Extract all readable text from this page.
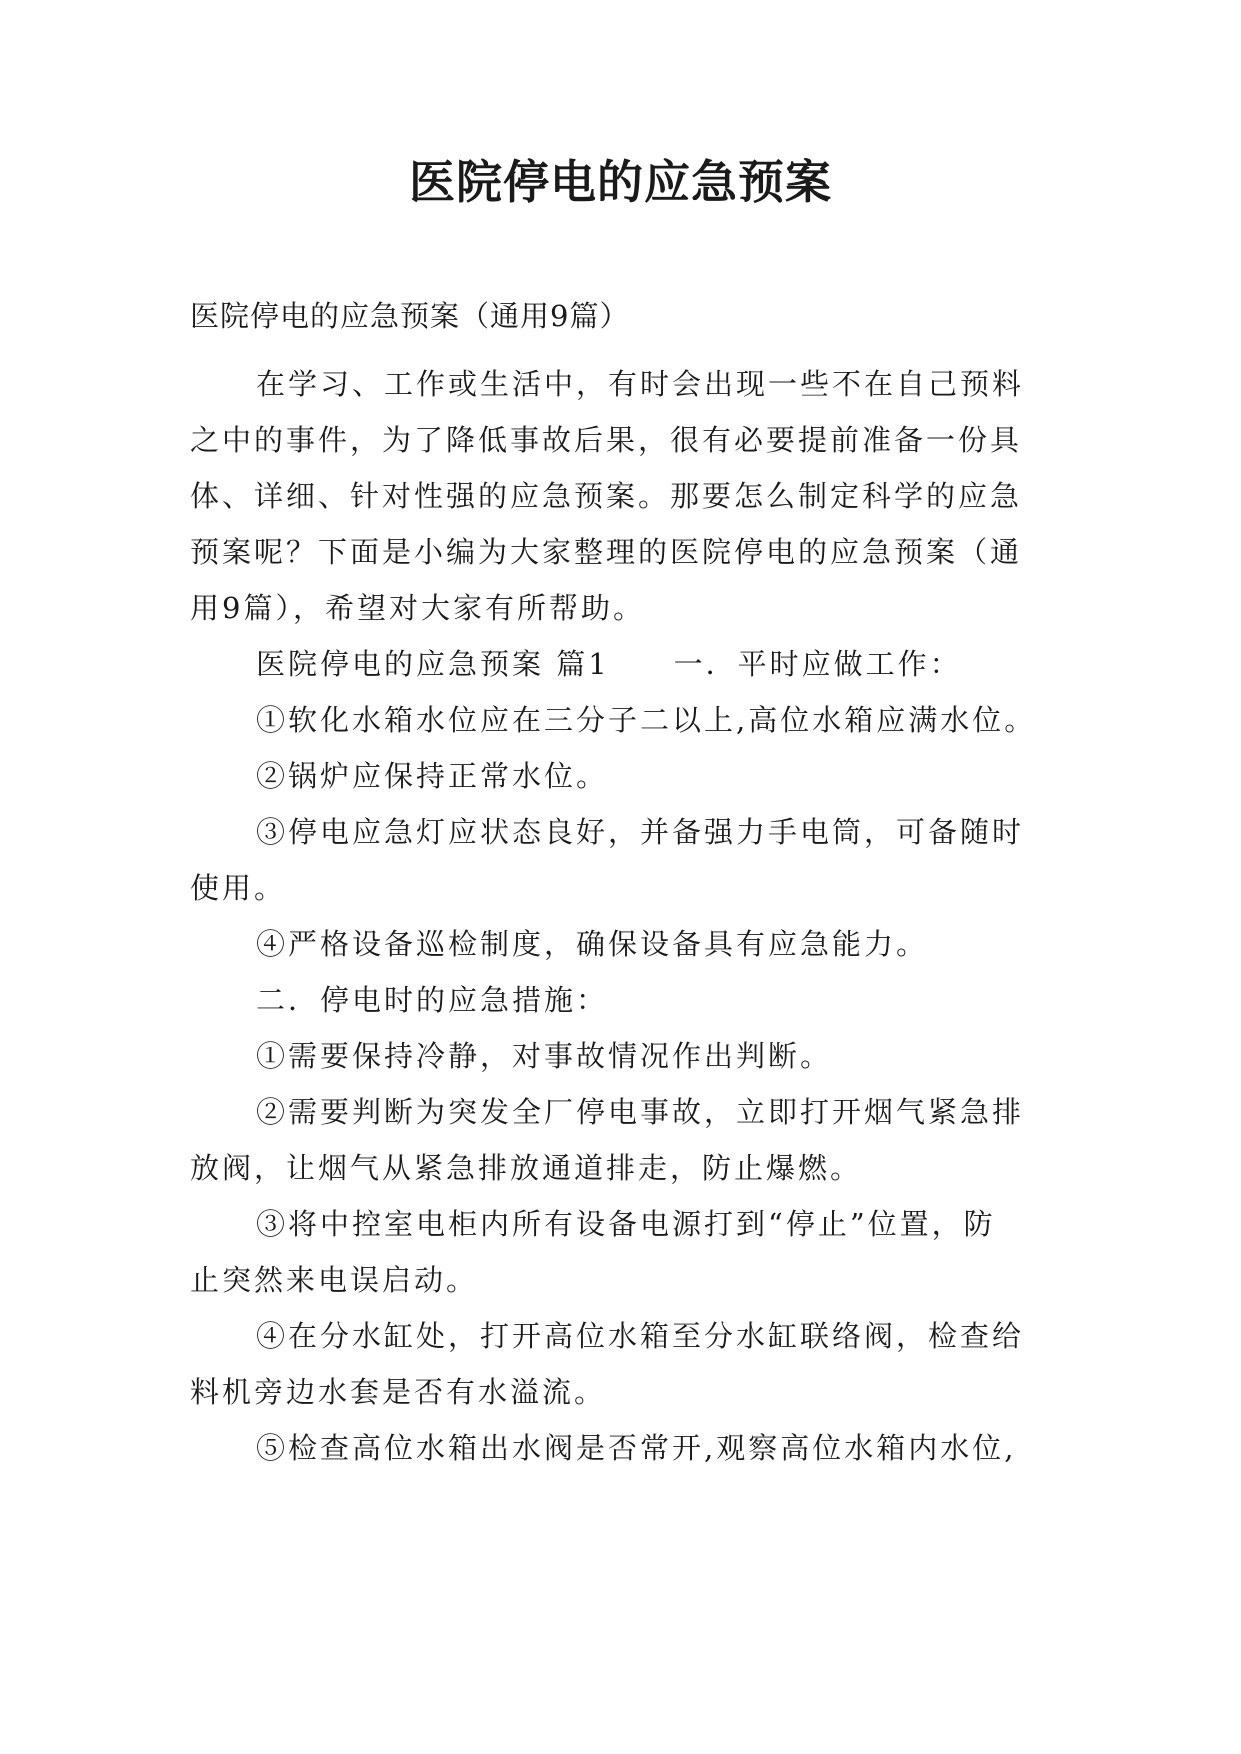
医院停电的应急预案
医院停电的应急预案（通用9篇）
在学习、工作或生活中，有时会出现一些不在自己预料
之中的事件，为了降低事故后果，很有必要提前准备一份具
体、详细、针对性强的应急预案。那要怎么制定科学的应急
预案呢？下面是小编为大家整理的医院停电的应急预案（通
用9篇），希望对大家有所帮助。
医院停电的应急预案 篇1 一．平时应做工作：
①软化水箱水位应在三分子二以上,高位水箱应满水位。
②锅炉应保持正常水位。
③停电应急灯应状态良好，并备强力手电筒，可备随时
使用。
④严格设备巡检制度，确保设备具有应急能力。
二．停电时的应急措施：
①需要保持冷静，对事故情况作出判断。
②需要判断为突发全厂停电事故，立即打开烟气紧急排
放阀，让烟气从紧急排放通道排走，防止爆燃。
③将中控室电柜内所有设备电源打到“停止”位置，防
止突然来电误启动。
④在分水缸处，打开高位水箱至分水缸联络阀，检查给
料机旁边水套是否有水溢流。
⑤检查高位水箱出水阀是否常开,观察高位水箱内水位,
